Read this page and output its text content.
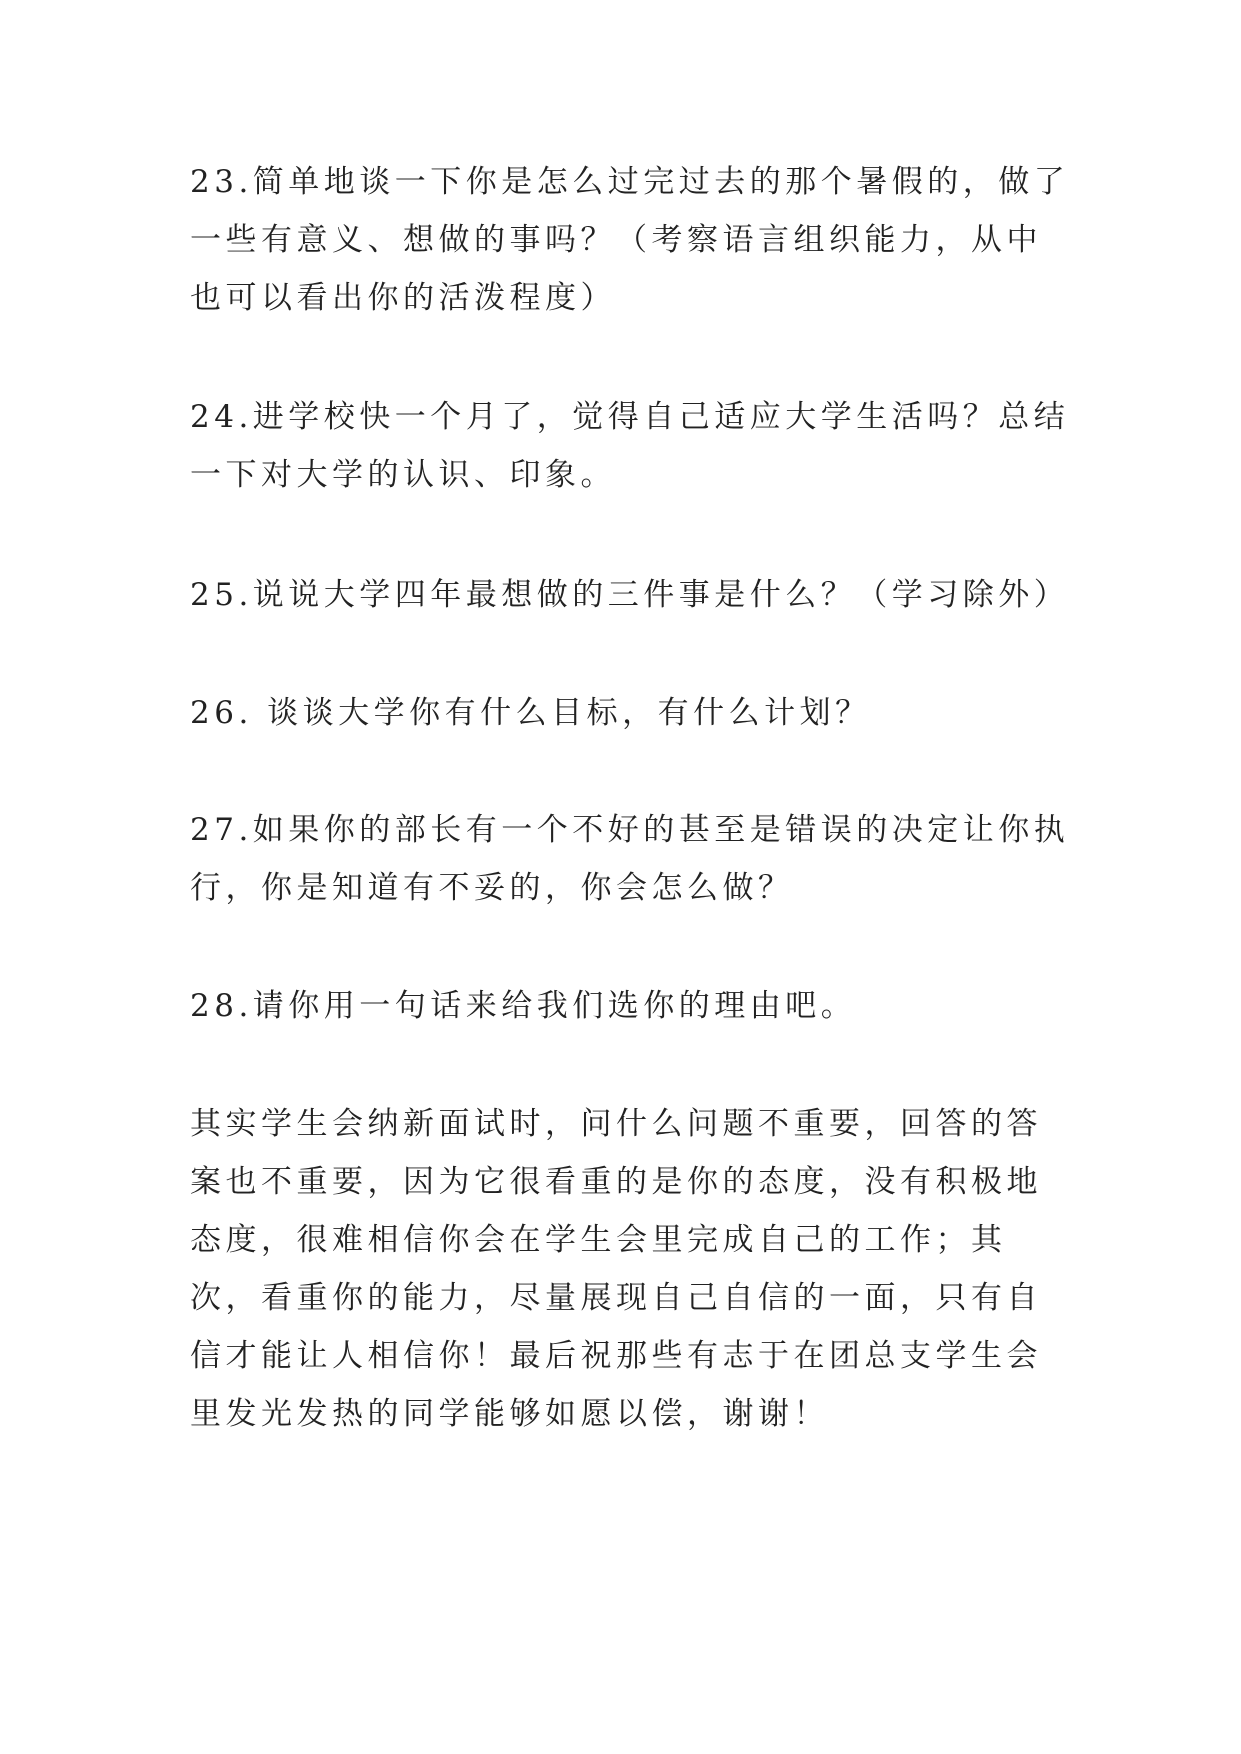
23.简单地谈一下你是怎么过完过去的那个暑假的，做了一些有意义、想做的事吗？（考察语言组织能力，从中也可以看出你的活泼程度）

24.进学校快一个月了，觉得自己适应大学生活吗？总结一下对大学的认识、印象。

25.说说大学四年最想做的三件事是什么？（学习除外）

26. 谈谈大学你有什么目标，有什么计划？

27.如果你的部长有一个不好的甚至是错误的决定让你执行，你是知道有不妥的，你会怎么做？

28.请你用一句话来给我们选你的理由吧。

其实学生会纳新面试时，问什么问题不重要，回答的答案也不重要，因为它很看重的是你的态度，没有积极地态度，很难相信你会在学生会里完成自己的工作；其次，看重你的能力，尽量展现自己自信的一面，只有自信才能让人相信你！最后祝那些有志于在团总支学生会里发光发热的同学能够如愿以偿，谢谢！
